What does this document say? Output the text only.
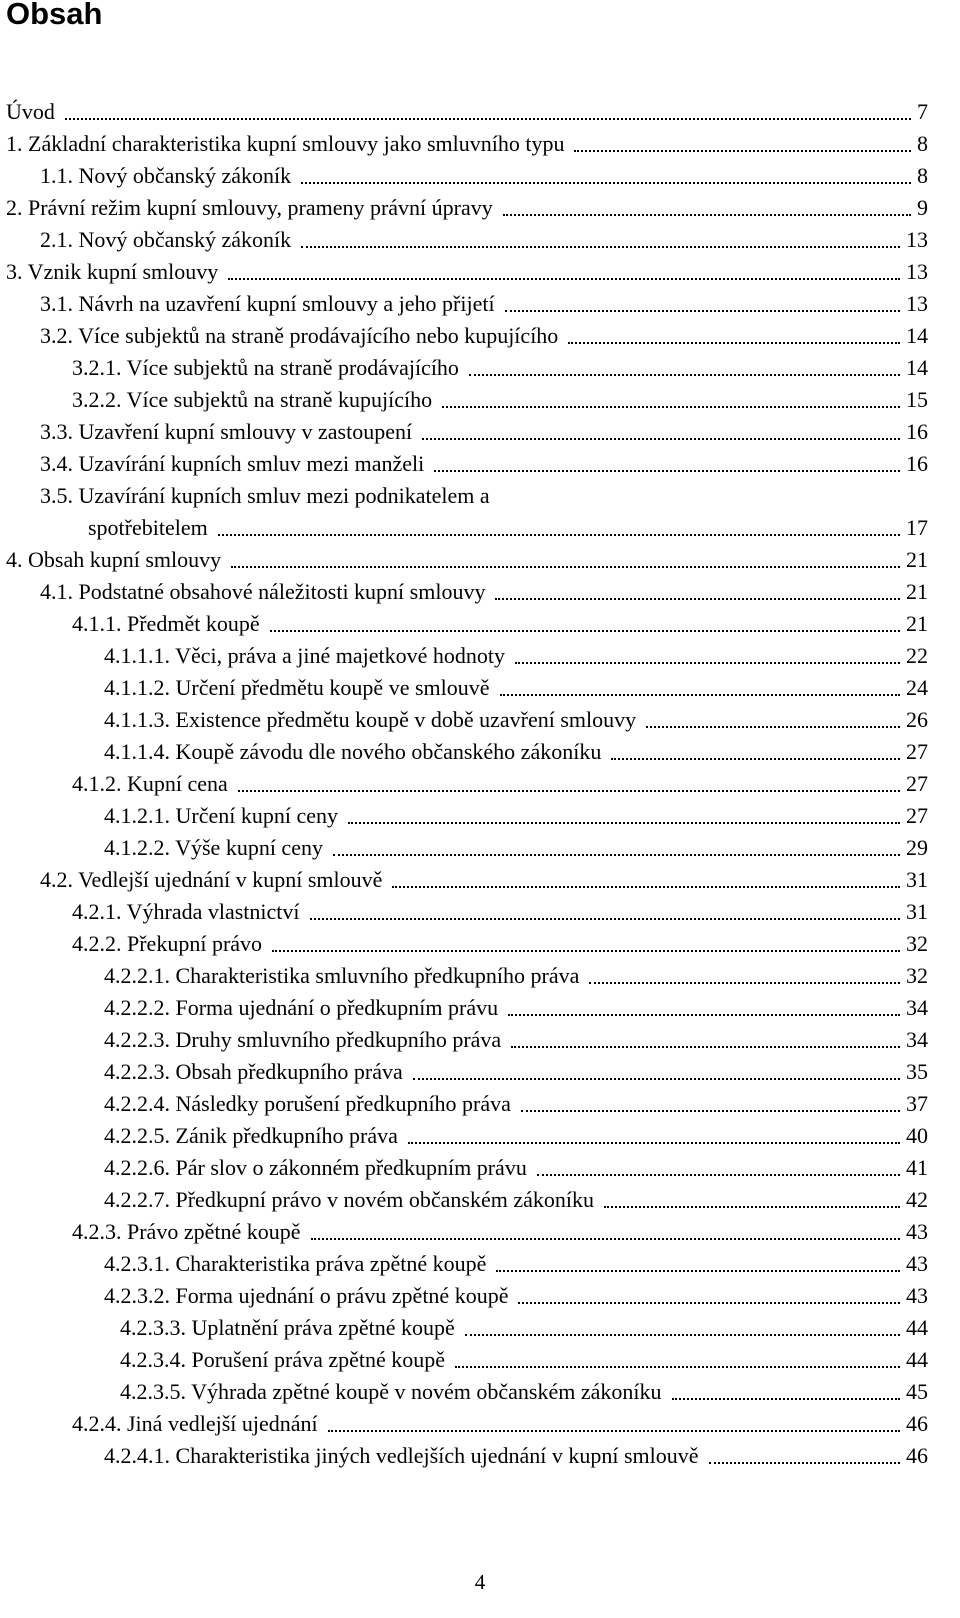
Obsah
Úvod	7
1. Základní charakteristika kupní smlouvy jako smluvního typu	8
1.1. Nový občanský zákoník	8
2. Právní režim kupní smlouvy, prameny právní úpravy	9
2.1. Nový občanský zákoník	13
3. Vznik kupní smlouvy	13
3.1. Návrh na uzavření kupní smlouvy a jeho přijetí	13
3.2. Více subjektů na straně prodávajícího nebo kupujícího	14
3.2.1. Více subjektů na straně prodávajícího	14
3.2.2. Více subjektů na straně kupujícího	15
3.3. Uzavření kupní smlouvy v zastoupení	16
3.4. Uzavírání kupních smluv mezi manželi	16
3.5. Uzavírání kupních smluv mezi podnikatelem a
spotřebitelem	17
4. Obsah kupní smlouvy	21
4.1. Podstatné obsahové náležitosti kupní smlouvy	21
4.1.1. Předmět koupě	21
4.1.1.1. Věci, práva a jiné majetkové hodnoty	22
4.1.1.2. Určení předmětu koupě ve smlouvě	24
4.1.1.3. Existence předmětu koupě v době uzavření smlouvy	26
4.1.1.4. Koupě závodu dle nového občanského zákoníku	27
4.1.2. Kupní cena	27
4.1.2.1. Určení kupní ceny	27
4.1.2.2. Výše kupní ceny	29
4.2. Vedlejší ujednání v kupní smlouvě	31
4.2.1. Výhrada vlastnictví	31
4.2.2. Překupní právo	32
4.2.2.1. Charakteristika smluvního předkupního práva	32
4.2.2.2. Forma ujednání o předkupním právu	34
4.2.2.3. Druhy smluvního předkupního práva	34
4.2.2.3. Obsah předkupního práva	35
4.2.2.4. Následky porušení předkupního práva	37
4.2.2.5. Zánik předkupního práva	40
4.2.2.6. Pár slov o zákonném předkupním právu	41
4.2.2.7. Předkupní právo v novém občanském zákoníku	42
4.2.3. Právo zpětné koupě	43
4.2.3.1. Charakteristika práva zpětné koupě	43
4.2.3.2. Forma ujednání o právu zpětné koupě	43
4.2.3.3. Uplatnění práva zpětné koupě	44
4.2.3.4. Porušení práva zpětné koupě	44
4.2.3.5. Výhrada zpětné koupě v novém občanském zákoníku	45
4.2.4. Jiná vedlejší ujednání	46
4.2.4.1. Charakteristika jiných vedlejších ujednání v kupní smlouvě	46
4
